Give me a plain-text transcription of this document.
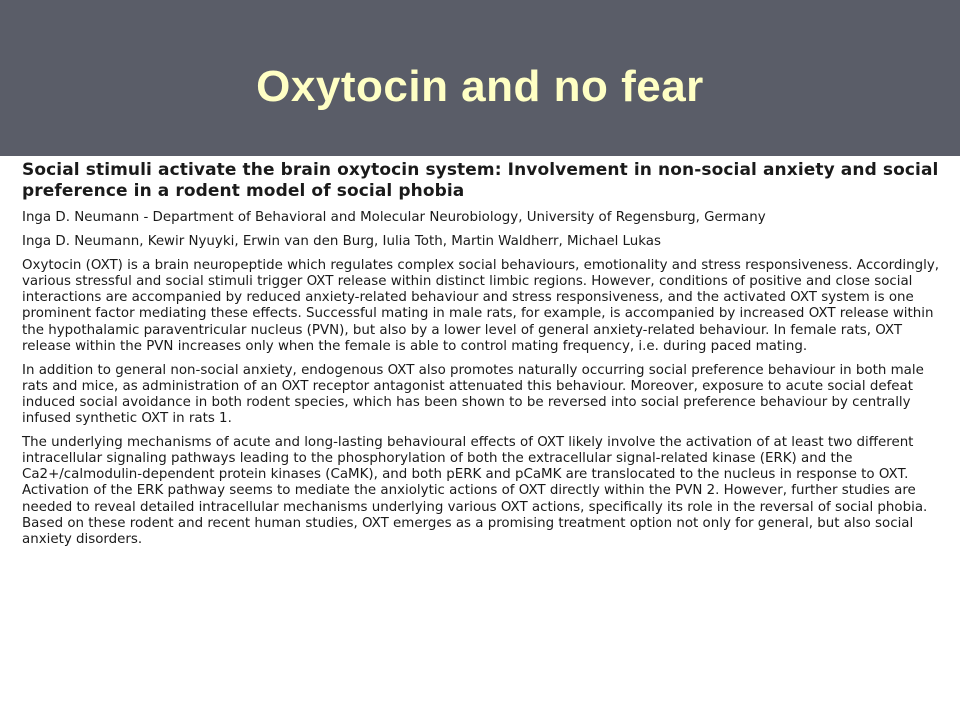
Oxytocin and no fear

Social stimuli activate the brain oxytocin system: Involvement in non-social anxiety and social preference in a rodent model of social phobia

Inga D. Neumann - Department of Behavioral and Molecular Neurobiology, University of Regensburg, Germany

Inga D. Neumann, Kewir Nyuyki, Erwin van den Burg, Iulia Toth, Martin Waldherr, Michael Lukas

Oxytocin (OXT) is a brain neuropeptide which regulates complex social behaviours, emotionality and stress responsiveness. Accordingly, various stressful and social stimuli trigger OXT release within distinct limbic regions. However, conditions of positive and close social interactions are accompanied by reduced anxiety-related behaviour and stress responsiveness, and the activated OXT system is one prominent factor mediating these effects. Successful mating in male rats, for example, is accompanied by increased OXT release within the hypothalamic paraventricular nucleus (PVN), but also by a lower level of general anxiety-related behaviour. In female rats, OXT release within the PVN increases only when the female is able to control mating frequency, i.e. during paced mating.

In addition to general non-social anxiety, endogenous OXT also promotes naturally occurring social preference behaviour in both male rats and mice, as administration of an OXT receptor antagonist attenuated this behaviour. Moreover, exposure to acute social defeat induced social avoidance in both rodent species, which has been shown to be reversed into social preference behaviour by centrally infused synthetic OXT in rats 1.

The underlying mechanisms of acute and long-lasting behavioural effects of OXT likely involve the activation of at least two different intracellular signaling pathways leading to the phosphorylation of both the extracellular signal-related kinase (ERK) and the Ca2+/calmodulin-dependent protein kinases (CaMK), and both pERK and pCaMK are translocated to the nucleus in response to OXT. Activation of the ERK pathway seems to mediate the anxiolytic actions of OXT directly within the PVN 2. However, further studies are needed to reveal detailed intracellular mechanisms underlying various OXT actions, specifically its role in the reversal of social phobia. Based on these rodent and recent human studies, OXT emerges as a promising treatment option not only for general, but also social anxiety disorders.
